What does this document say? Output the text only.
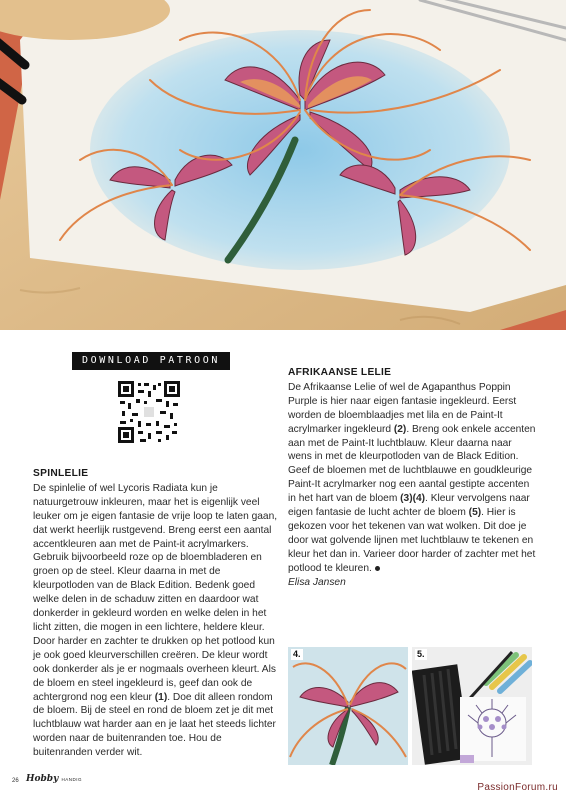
DOWNLOAD PATROON

SPINLELIE

De spinlelie of wel Lycoris Radiata kun je natuurgetrouw inkleuren, maar het is eigenlijk veel leuker om je eigen fantasie de vrije loop te laten gaan, dat werkt heerlijk rustgevend. Breng eerst een aantal accentkleuren aan met de Paint-it acrylmarkers. Gebruik bijvoorbeeld roze op de bloembladeren en groen op de steel. Kleur daarna in met de kleurpotloden van de Black Edition. Bedenk goed welke delen in de schaduw zitten en daardoor wat donkerder in gekleurd worden en welke delen in het licht zitten, die mogen in een lichtere, heldere kleur. Door harder en zachter te drukken op het potlood kun je ook goed kleurverschillen creëren. De kleur wordt ook donkerder als je er nogmaals overheen kleurt. Als de bloem en steel ingekleurd is, geef dan ook de achtergrond nog een kleur (1). Doe dit alleen rondom de bloem. Bij de steel en rond de bloem zet je dit met luchtblauw wat harder aan en je laat het steeds lichter worden naar de buitenranden toe. Hou de buitenranden verder wit.

AFRIKAANSE LELIE

De Afrikaanse Lelie of wel de Agapanthus Poppin Purple is hier naar eigen fantasie ingekleurd. Eerst worden de bloemblaadjes met lila en de Paint-It acrylmarker ingekleurd (2). Breng ook enkele accenten aan met de Paint-It luchtblauw. Kleur daarna naar wens in met de kleurpotloden van de Black Edition. Geef de bloemen met de luchtblauwe en goudkleurige Paint-It acrylmarker nog een aantal gestipte accenten in het hart van de bloem (3)(4). Kleur vervolgens naar eigen fantasie de lucht achter de bloem (5). Hier is gekozen voor het tekenen van wat wolken. Dit doe je door wat golvende lijnen met luchtblauw te tekenen en kleur het dan in. Varieer door harder of zachter met het potlood te kleuren.

Elisa Jansen

4.	5.
26 Hobby HANDIG
PassionForum.ru
